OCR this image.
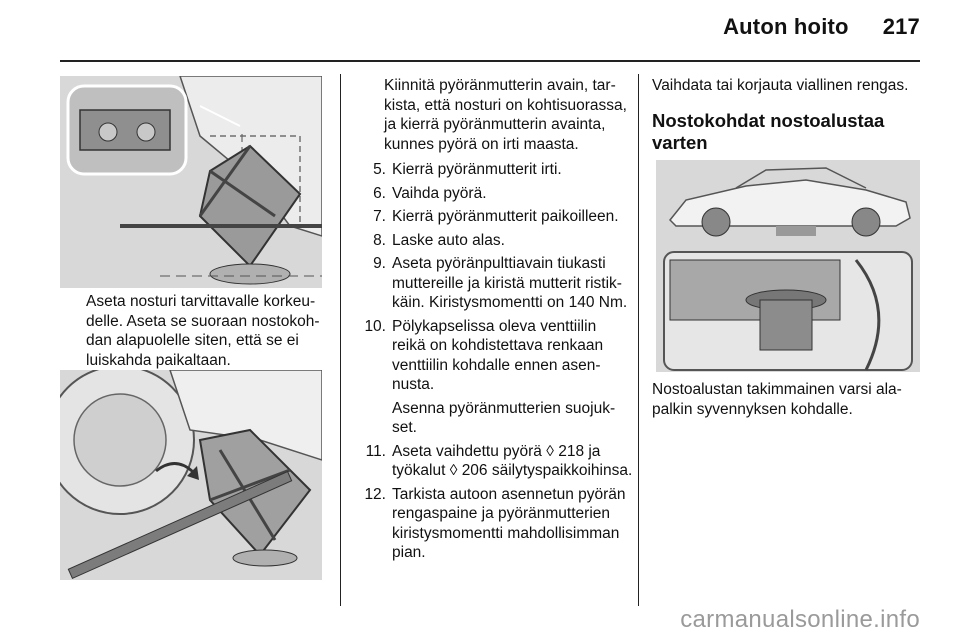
Auton hoito 217
Aseta nosturi tarvittavalle korkeudelle. Aseta se suoraan nostokohdan alapuolelle siten, että se ei luiskahda paikaltaan.

Kiinnitä pyöränmutterin avain, tarkista, että nosturi on kohtisuorassa, ja kierrä pyöränmutterin avainta, kunnes pyörä on irti maasta.

5. Kierrä pyöränmutterit irti.

6. Vaihda pyörä.

7. Kierrä pyöränmutterit paikoilleen.

8. Laske auto alas.

9. Aseta pyöränpulttiavain tiukasti muttereille ja kiristä mutterit ristikkäin. Kiristysmomentti on 140 Nm.

10. Pölykapselissa oleva venttiilin reikä on kohdistettava renkaan venttiilin kohdalle ennen asennusta.

Asenna pyöränmutterien suojukset.

11. Aseta vaihdettu pyörä ◊ 218 ja työkalut ◊ 206 säilytyspaikkoihinsa.

12. Tarkista autoon asennetun pyörän rengaspaine ja pyöränmutterien kiristysmomentti mahdollisimman pian.

Vaihdata tai korjauta viallinen rengas.

Nostokohdat nostoalustaa varten
Nostoalustan takimmainen varsi alapalkin syvennyksen kohdalle.
carmanualsonline.info
